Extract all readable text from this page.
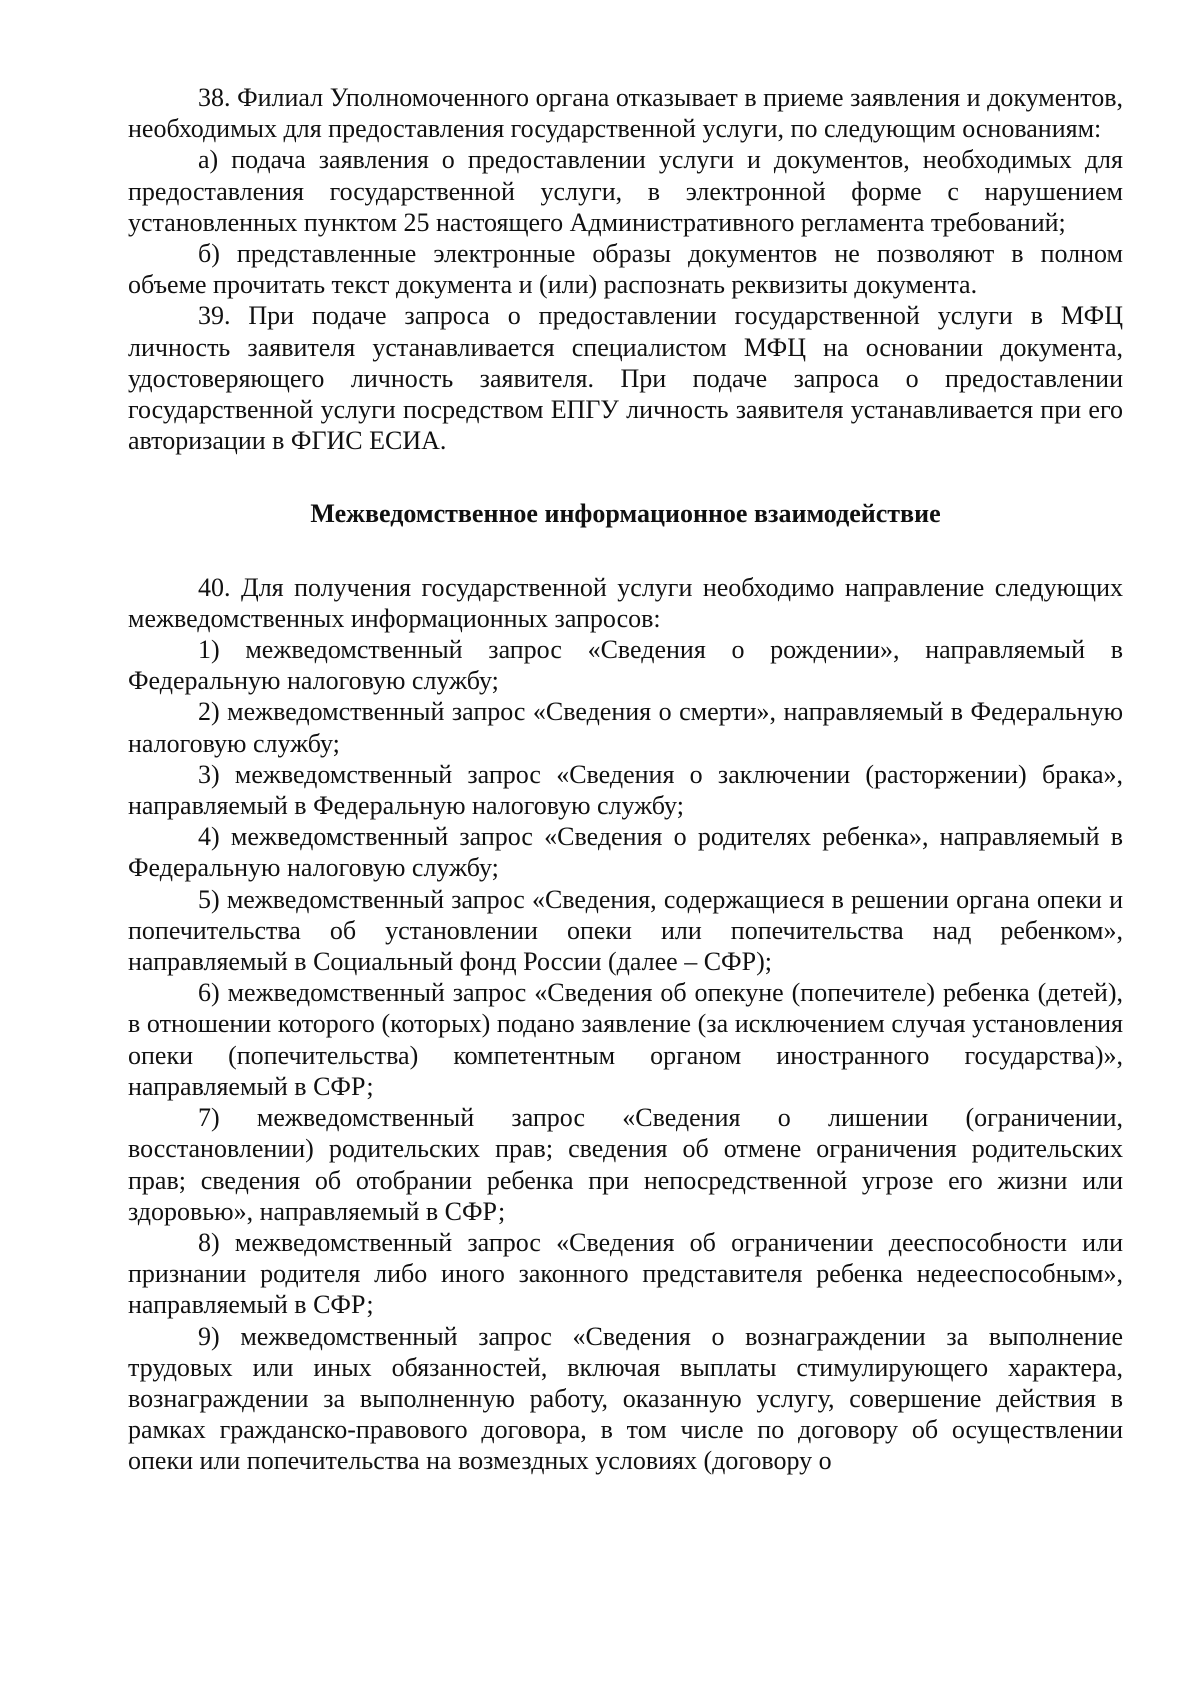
38. Филиал Уполномоченного органа отказывает в приеме заявления и документов, необходимых для предоставления государственной услуги, по следующим основаниям:

а) подача заявления о предоставлении услуги и документов, необходимых для предоставления государственной услуги, в электронной форме с нарушением установленных пунктом 25 настоящего Административного регламента требований;

б) представленные электронные образы документов не позволяют в полном объеме прочитать текст документа и (или) распознать реквизиты документа.

39. При подаче запроса о предоставлении государственной услуги в МФЦ личность заявителя устанавливается специалистом МФЦ на основании документа, удостоверяющего личность заявителя. При подаче запроса о предоставлении государственной услуги посредством ЕПГУ личность заявителя устанавливается при его авторизации в ФГИС ЕСИА.

Межведомственное информационное взаимодействие

40. Для получения государственной услуги необходимо направление следующих межведомственных информационных запросов:

1) межведомственный запрос «Сведения о рождении», направляемый в Федеральную налоговую службу;

2) межведомственный запрос «Сведения о смерти», направляемый в Федеральную налоговую службу;

3) межведомственный запрос «Сведения о заключении (расторжении) брака», направляемый в Федеральную налоговую службу;

4) межведомственный запрос «Сведения о родителях ребенка», направляемый в Федеральную налоговую службу;

5) межведомственный запрос «Сведения, содержащиеся в решении органа опеки и попечительства об установлении опеки или попечительства над ребенком», направляемый в Социальный фонд России (далее – СФР);

6) межведомственный запрос «Сведения об опекуне (попечителе) ребенка (детей), в отношении которого (которых) подано заявление (за исключением случая установления опеки (попечительства) компетентным органом иностранного государства)», направляемый в СФР;

7) межведомственный запрос «Сведения о лишении (ограничении, восстановлении) родительских прав; сведения об отмене ограничения родительских прав; сведения об отобрании ребенка при непосредственной угрозе его жизни или здоровью», направляемый в СФР;

8) межведомственный запрос «Сведения об ограничении дееспособности или признании родителя либо иного законного представителя ребенка недееспособным», направляемый в СФР;

9) межведомственный запрос «Сведения о вознаграждении за выполнение трудовых или иных обязанностей, включая выплаты стимулирующего характера, вознаграждении за выполненную работу, оказанную услугу, совершение действия в рамках гражданско-правового договора, в том числе по договору об осуществлении опеки или попечительства на возмездных условиях (договору о
